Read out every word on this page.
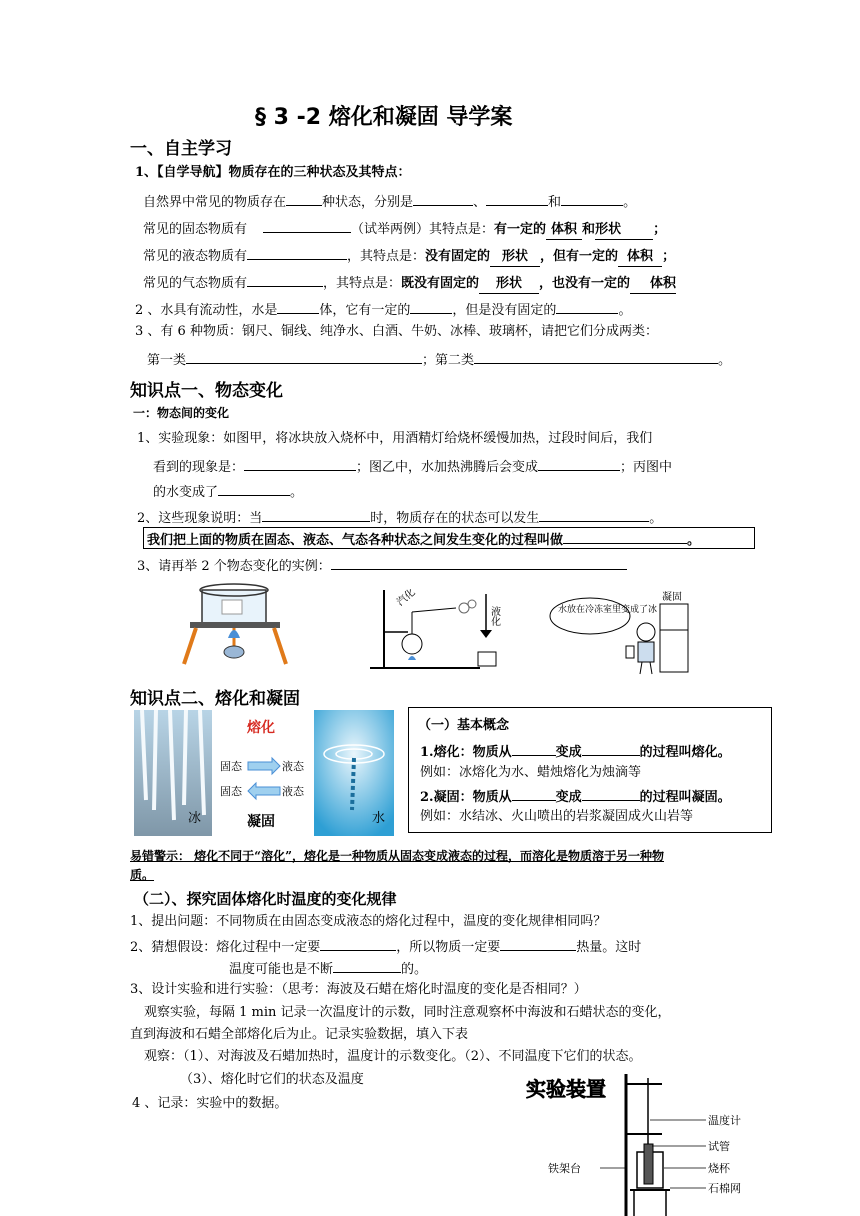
§ 3 -2 熔化和凝固 导学案
一、自主学习
1、【自学导航】物质存在的三种状态及其特点：
自然界中常见的物质存在	种状态，分别是	、	和	。
常见的固态物质有	（试举两例）其特点是：有一定的 体积 和形状 ；
常见的液态物质有	，其特点是：没有固定的 形状 ，但有一定的 体积 ；
常见的气态物质有	，其特点是：既没有固定的 形状 ，也没有一定的 体积
2 、水具有流动性，水是	体，它有一定的	，但是没有固定的	。
3 、有 6 种物质：钢尺、铜线、纯净水、白酒、牛奶、冰棒、玻璃杯，请把它们分成两类：
第一类	；第二类	。
知识点一、物态变化
一：物态间的变化
1、实验现象：如图甲，将冰块放入烧杯中，用酒精灯给烧杯缓慢加热，过段时间后，我们
看到的现象是：	；图乙中，水加热沸腾后会变成	；丙图中
的水变成了	。
2、这些现象说明：当	时，物质存在的状态可以发生	。
我们把上面的物质在固态、液态、气态各种状态之间发生变化的过程叫做	。
3、请再举 2 个物态变化的实例：
汽化
液化	水放在冷冻室里变成了冰
凝固
知识点二、熔化和凝固
冰
熔化
固态	液态
固态	液态
凝固	水
（一）基本概念
1.熔化：物质从	变成	的过程叫熔化。
例如：冰熔化为水、蜡烛熔化为烛滴等
2.凝固：物质从	变成	的过程叫凝固。
例如：水结冰、火山喷出的岩浆凝固成火山岩等
易错警示： 熔化不同于“溶化”，熔化是一种物质从固态变成液态的过程，而溶化是物质溶于另一种物
质。
（二）、探究固体熔化时温度的变化规律
1、提出问题：不同物质在由固态变成液态的熔化过程中，温度的变化规律相同吗？
2、猜想假设：熔化过程中一定要	，所以物质一定要	热量。这时
温度可能也是不断	的。
3、设计实验和进行实验：（思考：海波及石蜡在熔化时温度的变化是否相同？）
观察实验，每隔 1 min 记录一次温度计的示数，同时注意观察杯中海波和石蜡状态的变化，
直到海波和石蜡全部熔化后为止。记录实验数据，填入下表
观察：（1）、对海波及石蜡加热时，温度计的示数变化。（2）、不同温度下它们的状态。
（3）、熔化时它们的状态及温度
4 、记录：实验中的数据。
实验装置
温度计
试管
铁架台	烧杯
石棉网
